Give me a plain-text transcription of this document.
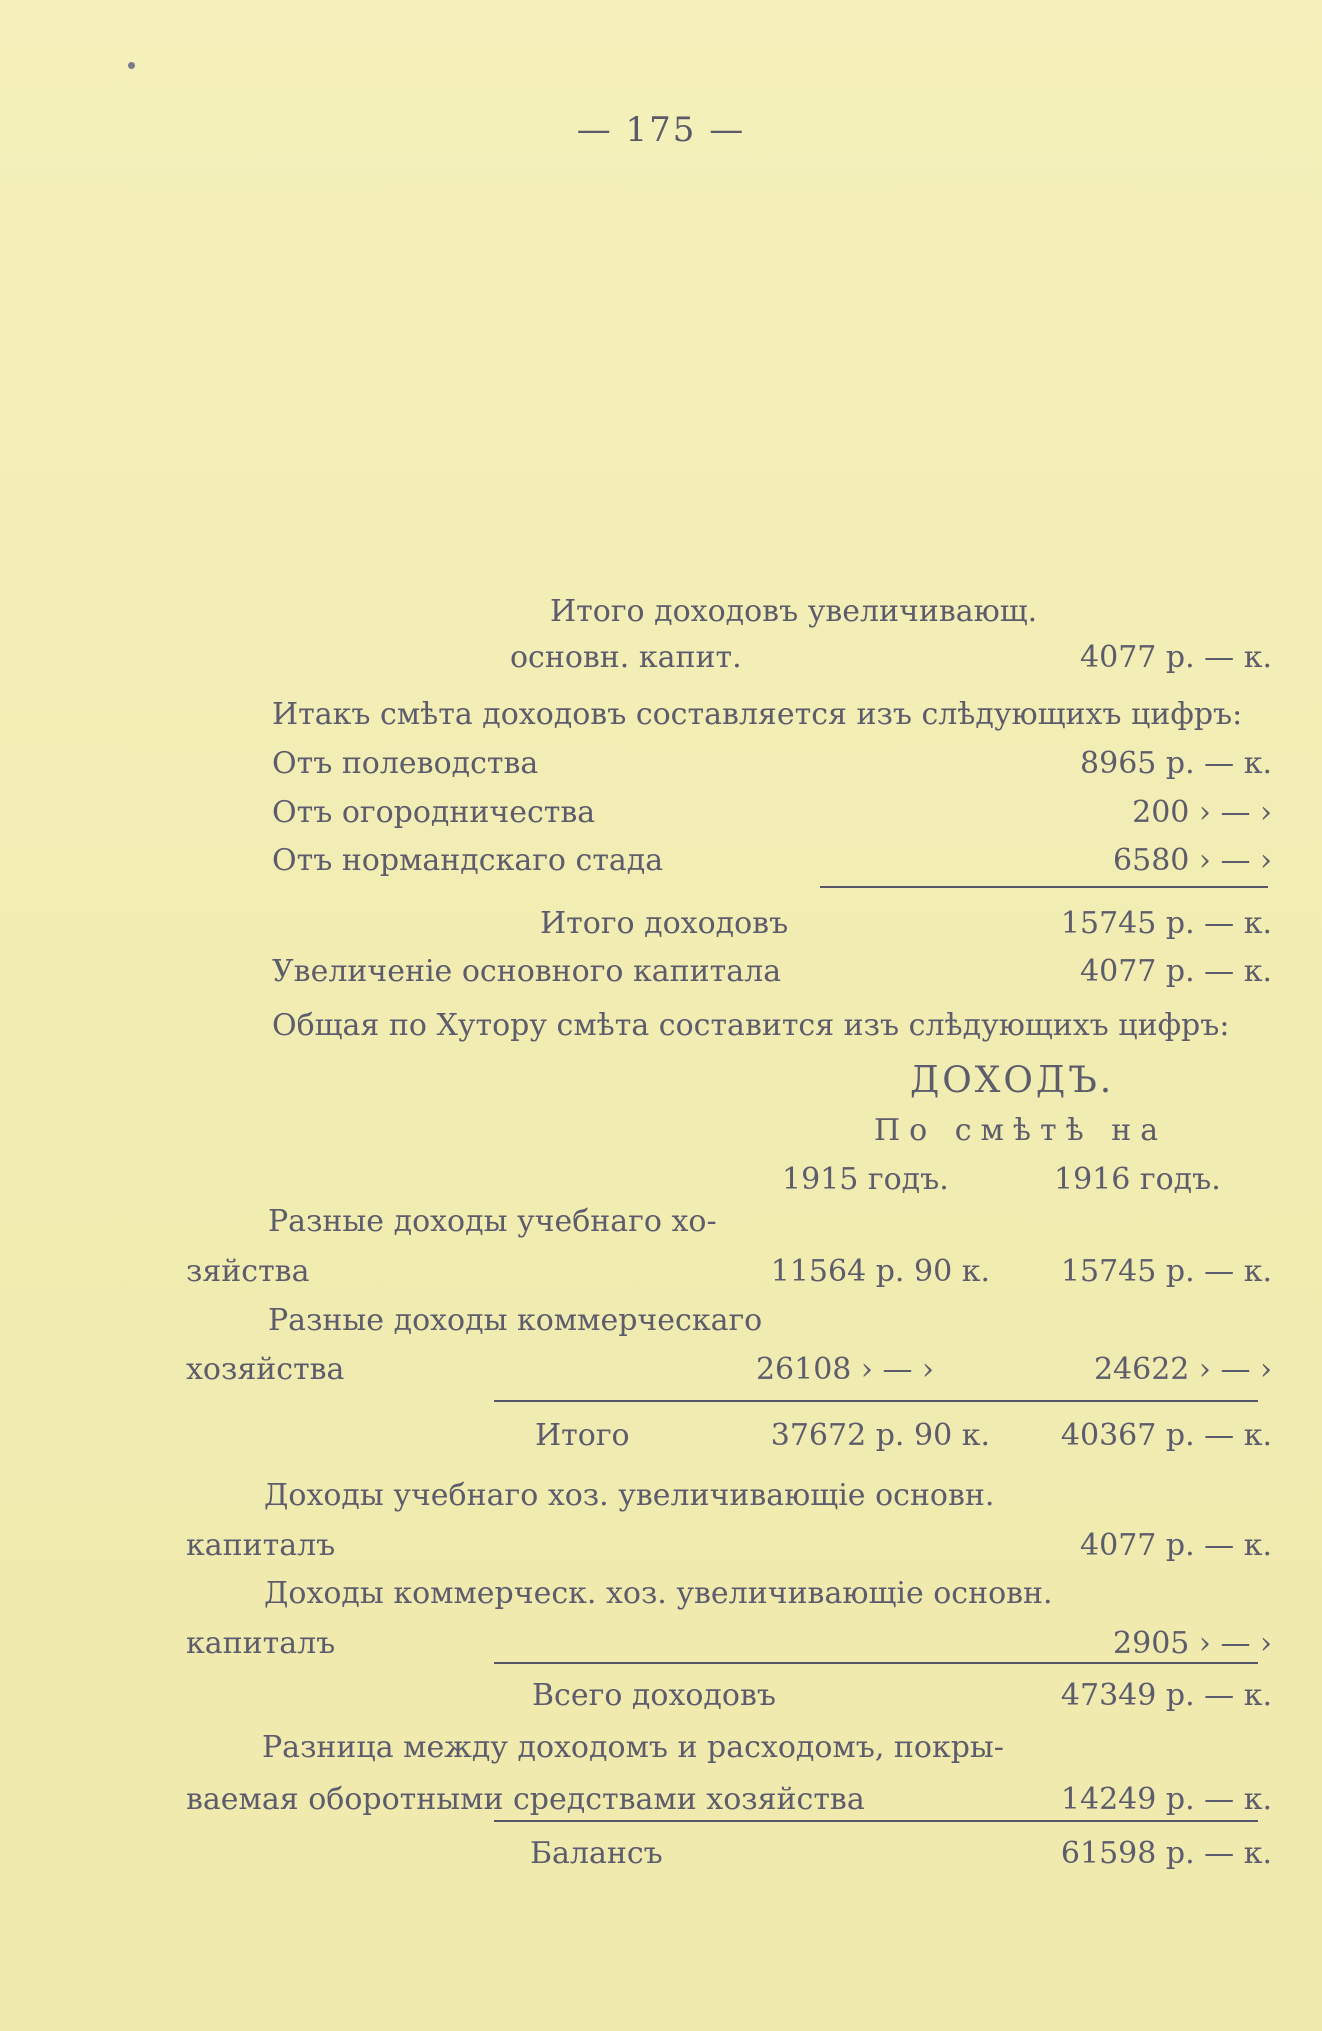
— 175 —
Итого доходовъ увеличивающ.
основн. капит.	4077 р. — к.
Итакъ смѣта доходовъ составляется изъ слѣдующихъ цифръ:
Отъ полеводства	8965 р. — к.
Отъ огородничества	200 › — ›
Отъ нормандскаго стада	6580 › — ›
Итого доходовъ	15745 р. — к.
Увеличеніе основного капитала	4077 р. — к.
Общая по Хутору смѣта составится изъ слѣдующихъ цифръ:
ДОХОДЪ.
По смѣтѣ на
1915 годъ.	1916 годъ.
Разные доходы учебнаго хо-
зяйства	11564 р. 90 к. 15745 р. — к.
Разные доходы коммерческаго
хозяйства	26108 › — ›	24622 › — ›
Итого	37672 р. 90 к. 40367 р. — к.
Доходы учебнаго хоз. увеличивающіе основн.
капиталъ	4077 р. — к.
Доходы коммерческ. хоз. увеличивающіе основн.
капиталъ	2905 › — ›
Всего доходовъ	47349 р. — к.
Разница между доходомъ и расходомъ, покры-
ваемая оборотными средствами хозяйства	14249 р. — к.
Балансъ	61598 р. — к.
